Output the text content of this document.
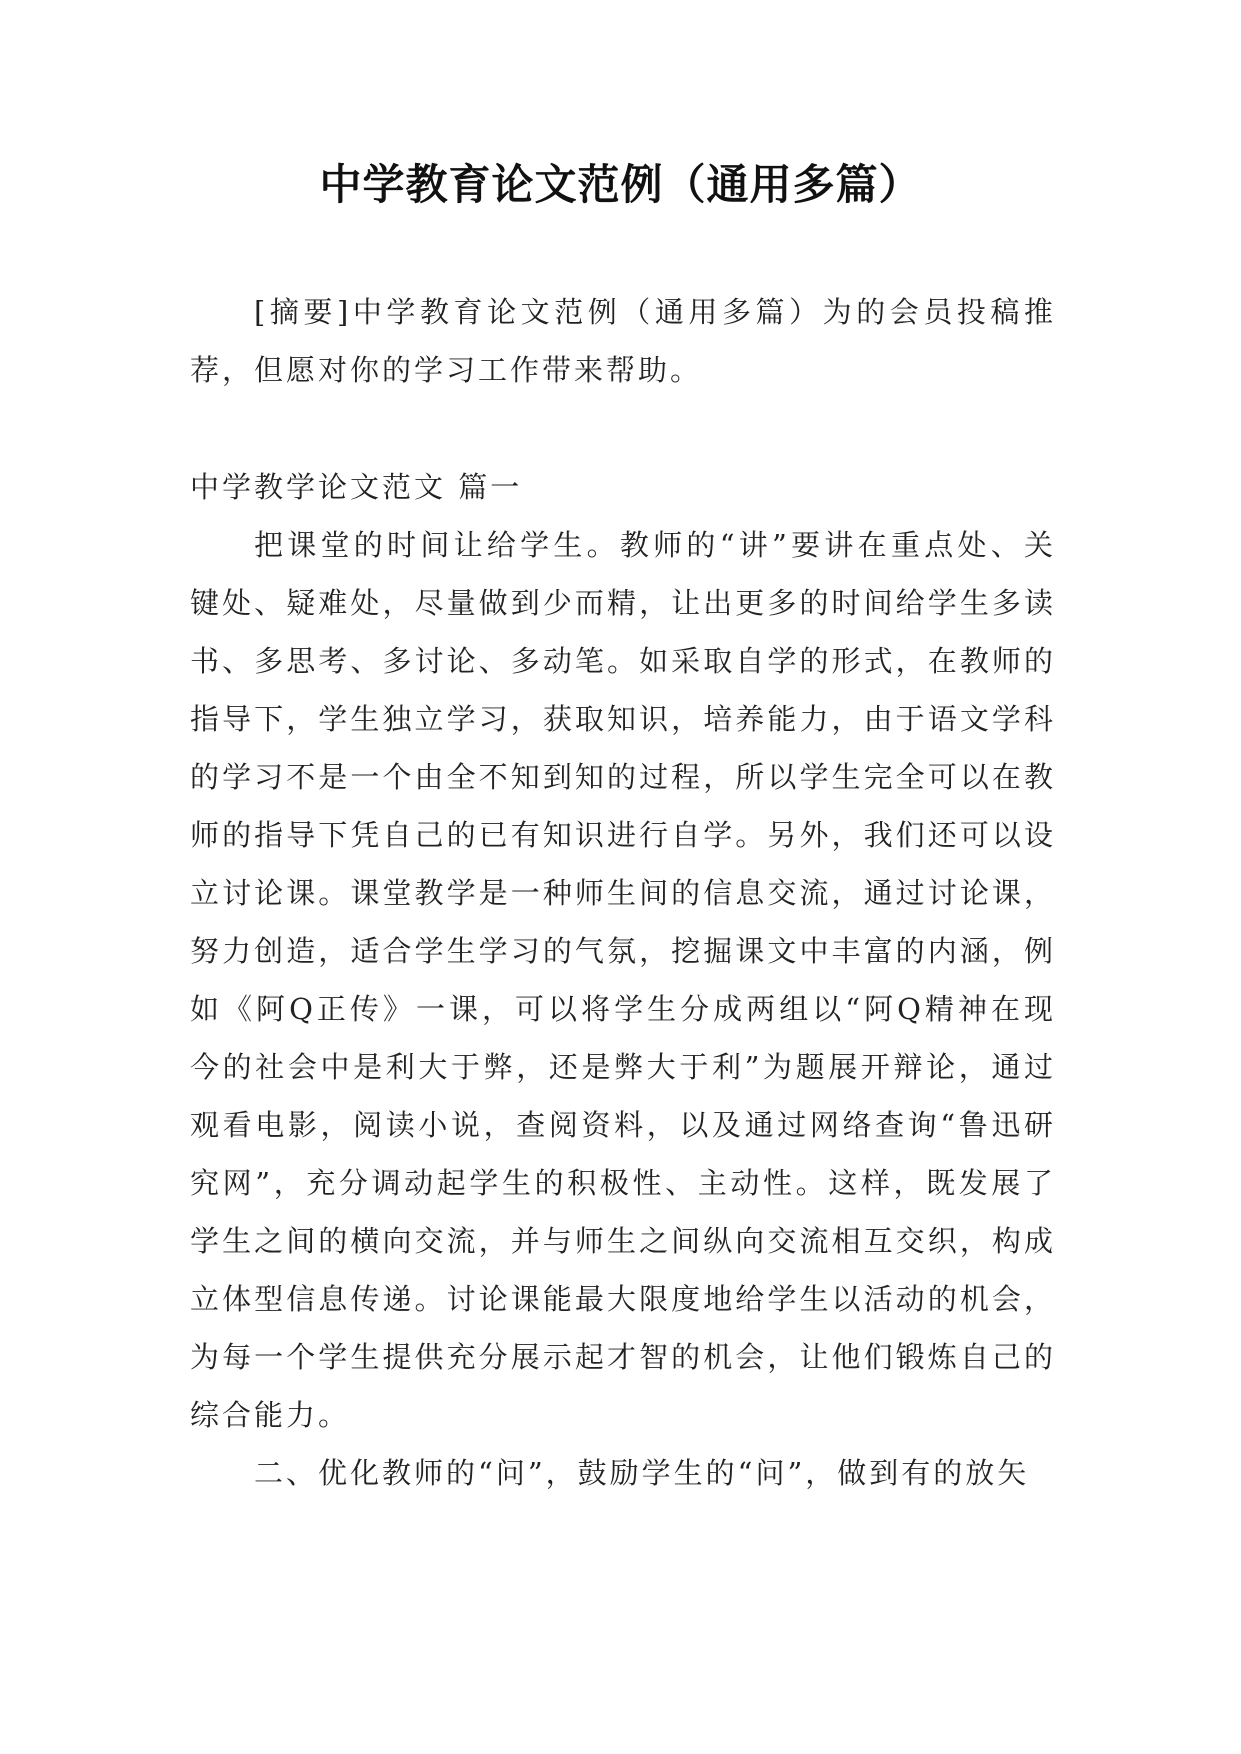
中学教育论文范例（通用多篇）

[摘要]中学教育论文范例（通用多篇）为的会员投稿推荐，但愿对你的学习工作带来帮助。

中学教学论文范文 篇一

把课堂的时间让给学生。教师的“讲”要讲在重点处、关键处、疑难处，尽量做到少而精，让出更多的时间给学生多读书、多思考、多讨论、多动笔。如采取自学的形式，在教师的指导下，学生独立学习，获取知识，培养能力，由于语文学科的学习不是一个由全不知到知的过程，所以学生完全可以在教师的指导下凭自己的已有知识进行自学。另外，我们还可以设立讨论课。课堂教学是一种师生间的信息交流，通过讨论课，努力创造，适合学生学习的气氛，挖掘课文中丰富的内涵，例如《阿Q正传》一课，可以将学生分成两组以“阿Q精神在现今的社会中是利大于弊，还是弊大于利”为题展开辩论，通过观看电影，阅读小说，查阅资料，以及通过网络查询“鲁迅研究网”，充分调动起学生的积极性、主动性。这样，既发展了学生之间的横向交流，并与师生之间纵向交流相互交织，构成立体型信息传递。讨论课能最大限度地给学生以活动的机会，为每一个学生提供充分展示起才智的机会，让他们锻炼自己的综合能力。

二、优化教师的“问”，鼓励学生的“问”，做到有的放矢
